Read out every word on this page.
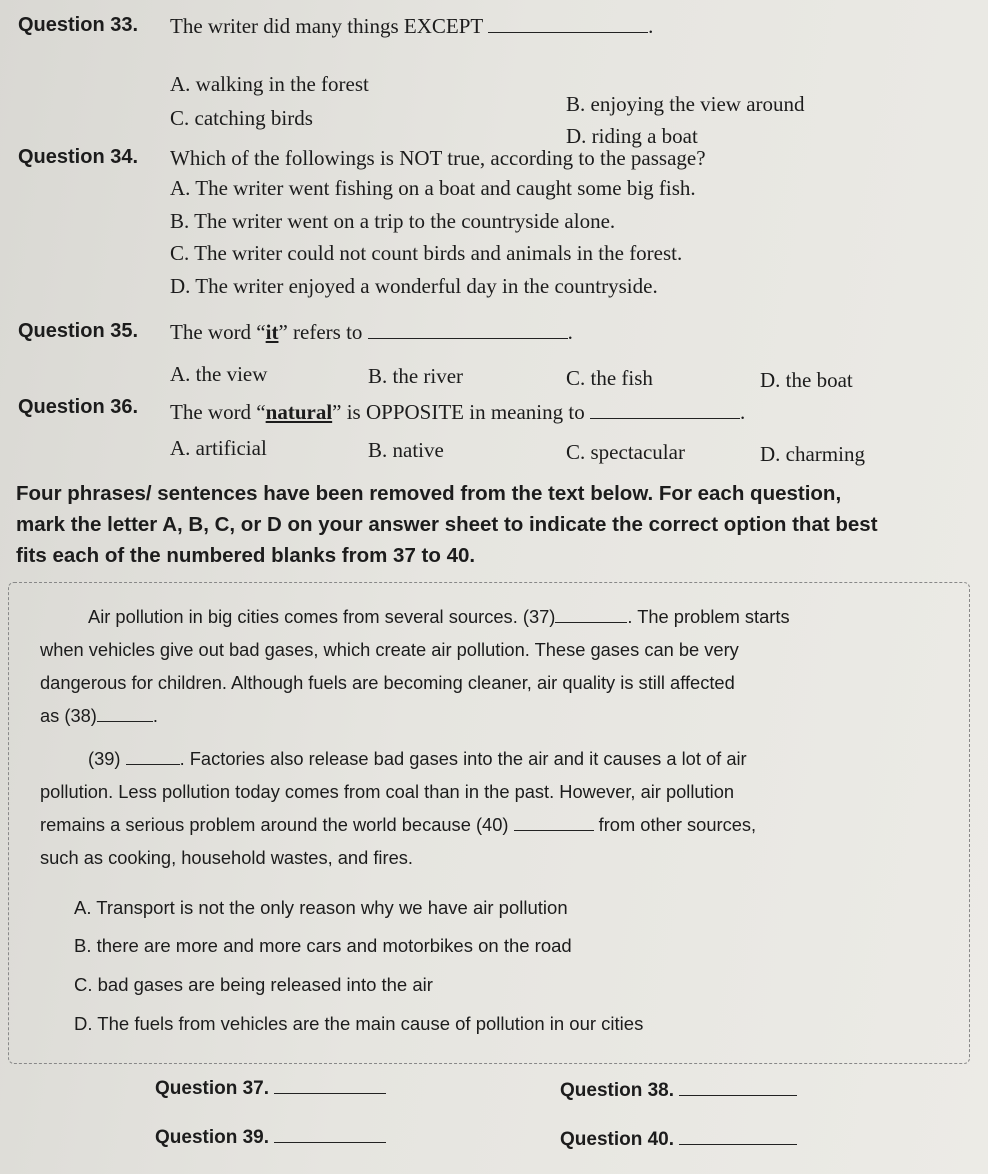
Question 33. The writer did many things EXCEPT	.
A. walking in the forest
B. enjoying the view around
C. catching birds
D. riding a boat
Question 34. Which of the followings is NOT true, according to the passage?
A. The writer went fishing on a boat and caught some big fish.
B. The writer went on a trip to the countryside alone.
C. The writer could not count birds and animals in the forest.
D. The writer enjoyed a wonderful day in the countryside.
Question 35. The word “it” refers to	.
A. the view	B. the river	C. the fish	D. the boat
Question 36. The word “natural” is OPPOSITE in meaning to	.
A. artificial	B. native	C. spectacular	D. charming
Four phrases/ sentences have been removed from the text below. For each question,
mark the letter A, B, C, or D on your answer sheet to indicate the correct option that best
fits each of the numbered blanks from 37 to 40.
Air pollution in big cities comes from several sources. (37)	. The problem starts
when vehicles give out bad gases, which create air pollution. These gases can be very
dangerous for children. Although fuels are becoming cleaner, air quality is still affected
as (38)	.
(39)	. Factories also release bad gases into the air and it causes a lot of air
pollution. Less pollution today comes from coal than in the past. However, air pollution
remains a serious problem around the world because (40)	from other sources,
such as cooking, household wastes, and fires.
A. Transport is not the only reason why we have air pollution
B. there are more and more cars and motorbikes on the road
C. bad gases are being released into the air
D. The fuels from vehicles are the main cause of pollution in our cities
Question 37.	Question 38.
Question 39.	Question 40.
